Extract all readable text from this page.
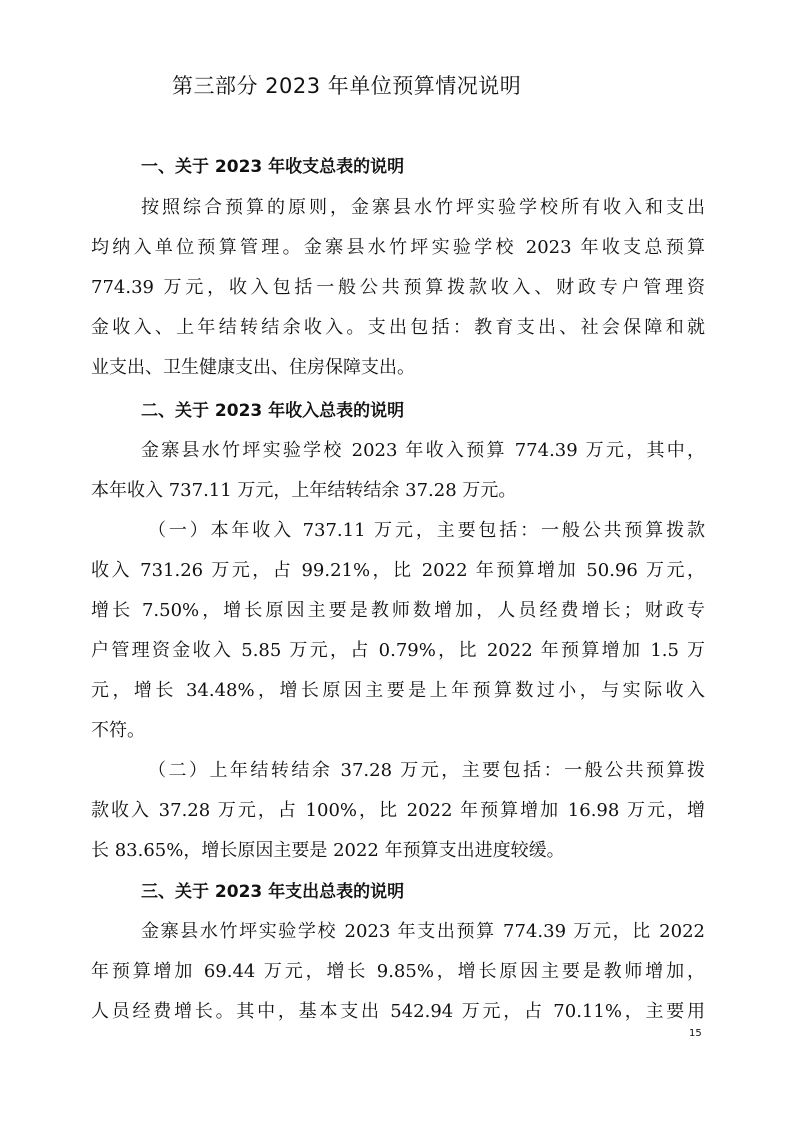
第三部分 2023 年单位预算情况说明
一、关于 2023 年收支总表的说明
按照综合预算的原则，金寨县水竹坪实验学校所有收入和支出
均纳入单位预算管理。金寨县水竹坪实验学校 2023 年收支总预算
774.39 万元，收入包括一般公共预算拨款收入、财政专户管理资
金收入、上年结转结余收入。支出包括：教育支出、社会保障和就
业支出、卫生健康支出、住房保障支出。
二、关于 2023 年收入总表的说明
金寨县水竹坪实验学校 2023 年收入预算 774.39 万元，其中，
本年收入 737.11 万元，上年结转结余 37.28 万元。
（一）本年收入 737.11 万元，主要包括：一般公共预算拨款
收入 731.26 万元，占 99.21%，比 2022 年预算增加 50.96 万元，
增长 7.50%，增长原因主要是教师数增加，人员经费增长；财政专
户管理资金收入 5.85 万元，占 0.79%，比 2022 年预算增加 1.5 万
元，增长 34.48%，增长原因主要是上年预算数过小，与实际收入
不符。
（二）上年结转结余 37.28 万元，主要包括：一般公共预算拨
款收入 37.28 万元，占 100%，比 2022 年预算增加 16.98 万元，增
长 83.65%，增长原因主要是 2022 年预算支出进度较缓。
三、关于 2023 年支出总表的说明
金寨县水竹坪实验学校 2023 年支出预算 774.39 万元，比 2022
年预算增加 69.44 万元，增长 9.85%，增长原因主要是教师增加，
人员经费增长。其中，基本支出 542.94 万元，占 70.11%，主要用
15
